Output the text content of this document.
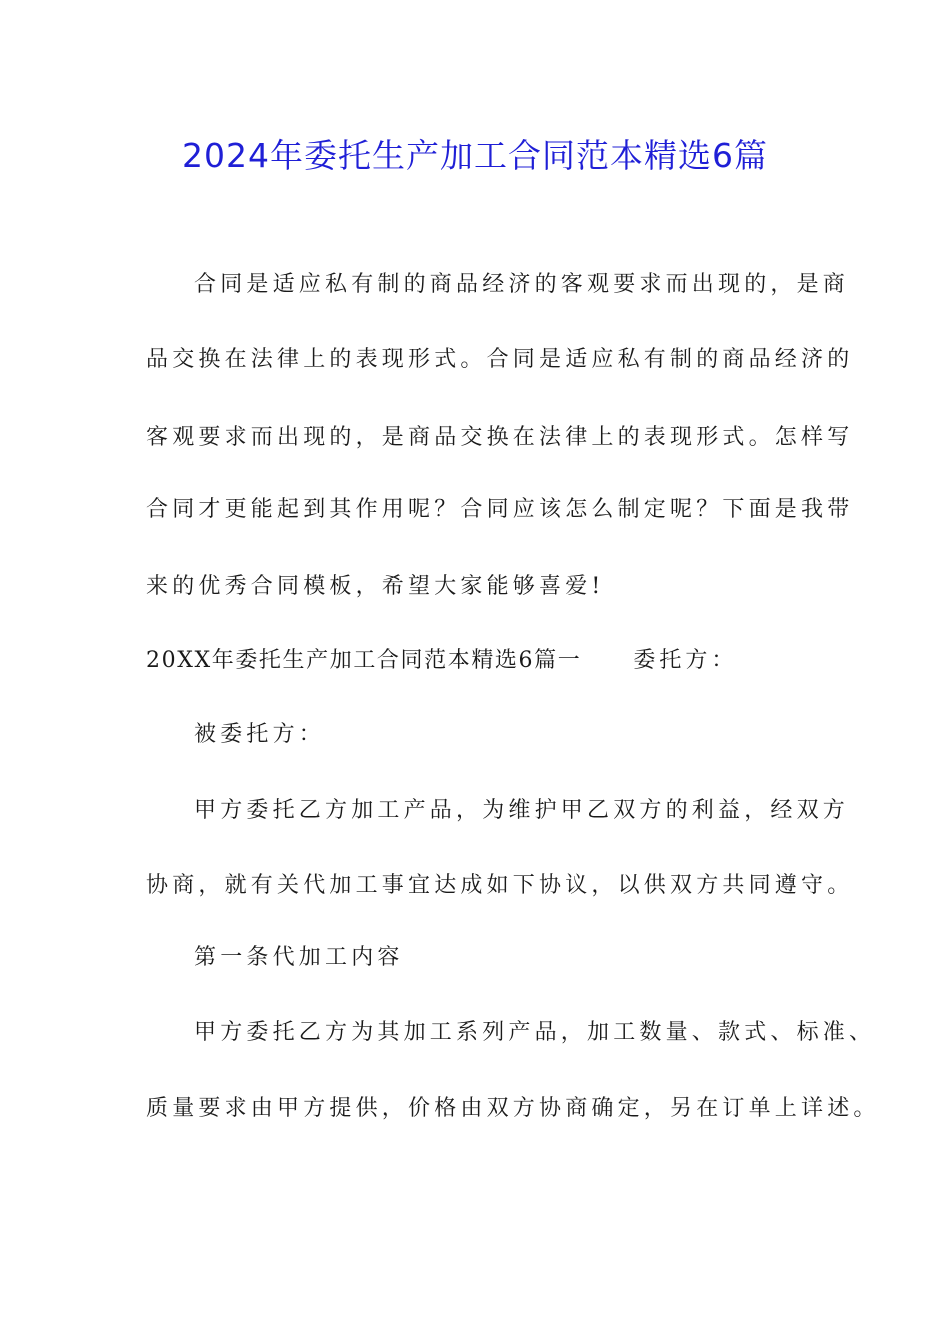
2024年委托生产加工合同范本精选6篇
合同是适应私有制的商品经济的客观要求而出现的，是商
品交换在法律上的表现形式。合同是适应私有制的商品经济的
客观要求而出现的，是商品交换在法律上的表现形式。怎样写
合同才更能起到其作用呢？合同应该怎么制定呢？下面是我带
来的优秀合同模板，希望大家能够喜爱!
20XX年委托生产加工合同范本精选6篇一 委托方：
被委托方：
甲方委托乙方加工产品，为维护甲乙双方的利益，经双方
协商，就有关代加工事宜达成如下协议，以供双方共同遵守。
第一条代加工内容
甲方委托乙方为其加工系列产品，加工数量、款式、标准、
质量要求由甲方提供，价格由双方协商确定，另在订单上详述。
